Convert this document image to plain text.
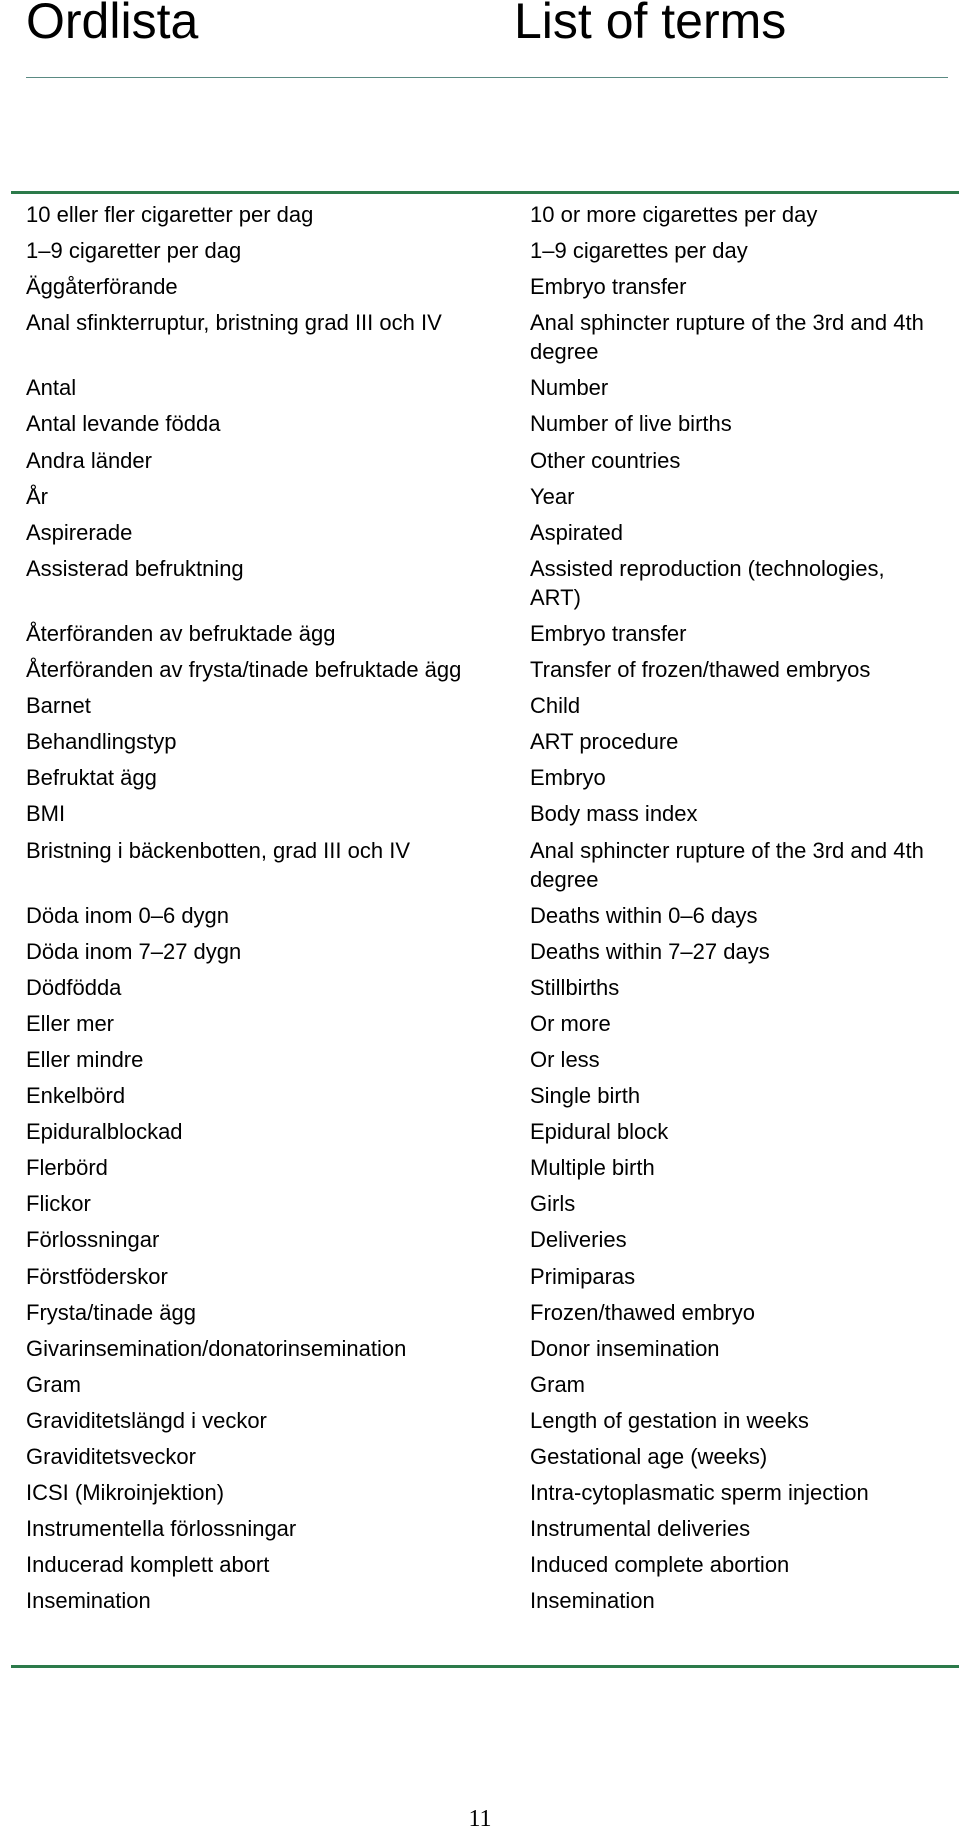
Ordlista	List of terms
10 eller fler cigaretter per dag	10 or more cigarettes per day
1–9 cigaretter per dag	1–9 cigarettes per day
Äggåterförande	Embryo transfer
Anal sfinkterruptur, bristning grad III och IV	Anal sphincter rupture of the 3rd and 4th degree
Antal	Number
Antal levande födda	Number of live births
Andra länder	Other countries
År	Year
Aspirerade	Aspirated
Assisterad befruktning	Assisted reproduction (technologies, ART)
Återföranden av befruktade ägg	Embryo transfer
Återföranden av frysta/tinade befruktade ägg	Transfer of frozen/thawed embryos
Barnet	Child
Behandlingstyp	ART procedure
Befruktat ägg	Embryo
BMI	Body mass index
Bristning i bäckenbotten, grad III och IV	Anal sphincter rupture of the 3rd and 4th degree
Döda inom 0–6 dygn	Deaths within 0–6 days
Döda inom 7–27 dygn	Deaths within 7–27 days
Dödfödda	Stillbirths
Eller mer	Or more
Eller mindre	Or less
Enkelbörd	Single birth
Epiduralblockad	Epidural block
Flerbörd	Multiple birth
Flickor	Girls
Förlossningar	Deliveries
Förstföderskor	Primiparas
Frysta/tinade ägg	Frozen/thawed embryo
Givarinsemination/donatorinsemination	Donor insemination
Gram	Gram
Graviditetslängd i veckor	Length of gestation in weeks
Graviditetsveckor	Gestational age (weeks)
ICSI (Mikroinjektion)	Intra-cytoplasmatic sperm injection
Instrumentella förlossningar	Instrumental deliveries
Inducerad komplett abort	Induced complete abortion
Insemination	Insemination
11
